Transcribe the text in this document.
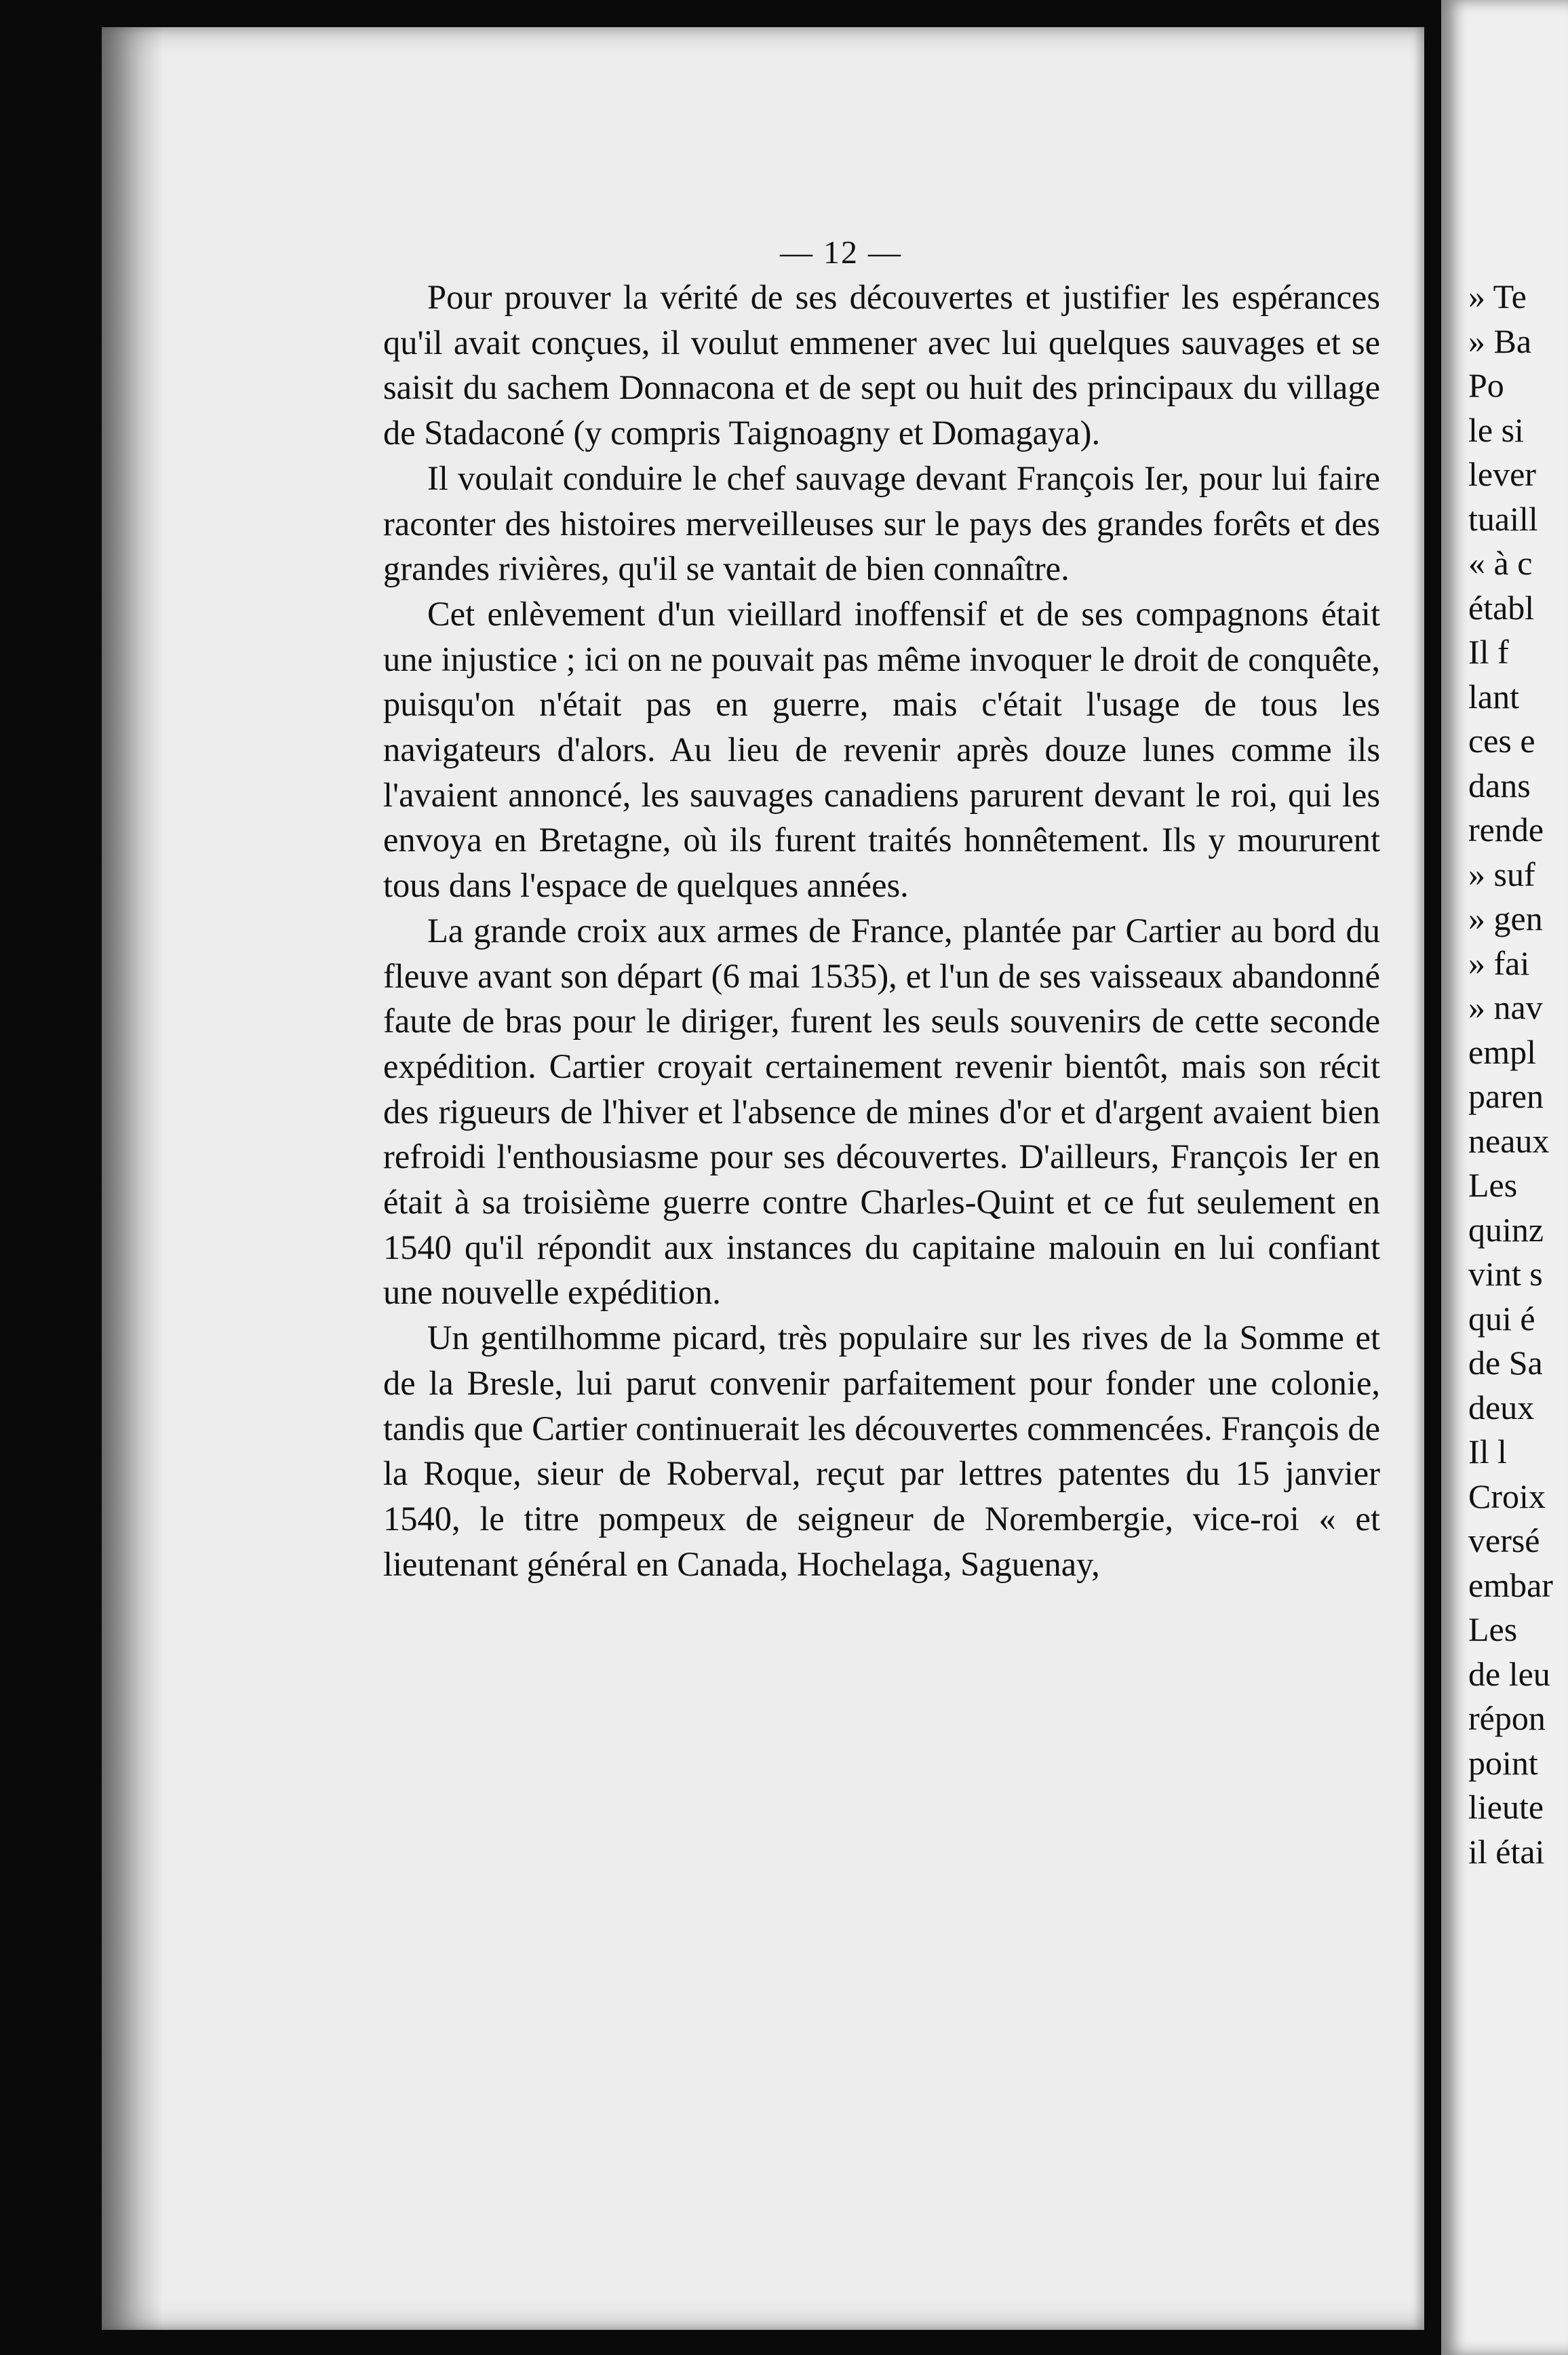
— 12 —

Pour prouver la vérité de ses découvertes et justifier les espérances qu'il avait conçues, il voulut emmener avec lui quelques sauvages et se saisit du sachem Donnacona et de sept ou huit des principaux du village de Stadaconé (y compris Taignoagny et Domagaya).

Il voulait conduire le chef sauvage devant François Ier, pour lui faire raconter des histoires merveilleuses sur le pays des grandes forêts et des grandes rivières, qu'il se vantait de bien connaître.

Cet enlèvement d'un vieillard inoffensif et de ses compagnons était une injustice ; ici on ne pouvait pas même invoquer le droit de conquête, puisqu'on n'était pas en guerre, mais c'était l'usage de tous les navigateurs d'alors. Au lieu de revenir après douze lunes comme ils l'avaient annoncé, les sauvages canadiens parurent devant le roi, qui les envoya en Bretagne, où ils furent traités honnêtement. Ils y moururent tous dans l'espace de quelques années.

La grande croix aux armes de France, plantée par Cartier au bord du fleuve avant son départ (6 mai 1535), et l'un de ses vaisseaux abandonné faute de bras pour le diriger, furent les seuls souvenirs de cette seconde expédition. Cartier croyait certainement revenir bientôt, mais son récit des rigueurs de l'hiver et l'absence de mines d'or et d'argent avaient bien refroidi l'enthousiasme pour ses découvertes. D'ailleurs, François Ier en était à sa troisième guerre contre Charles-Quint et ce fut seulement en 1540 qu'il répondit aux instances du capitaine malouin en lui confiant une nouvelle expédition.

Un gentilhomme picard, très populaire sur les rives de la Somme et de la Bresle, lui parut convenir parfaitement pour fonder une colonie, tandis que Cartier continuerait les découvertes commencées. François de la Roque, sieur de Roberval, reçut par lettres patentes du 15 janvier 1540, le titre pompeux de seigneur de Norembergie, vice-roi « et lieutenant général en Canada, Hochelaga, Saguenay,

» Te
» Ba
Po
le si
lever
tuaill
« à c
établ
Il f
lant
ces e
dans
rende
» suf
» gen
» fai
» nav
empl
paren
neaux
Les
quinz
vint s
qui é
de Sa
deux
Il l
Croix
versé
embar
Les
de leu
répon
point
lieute
il étai
